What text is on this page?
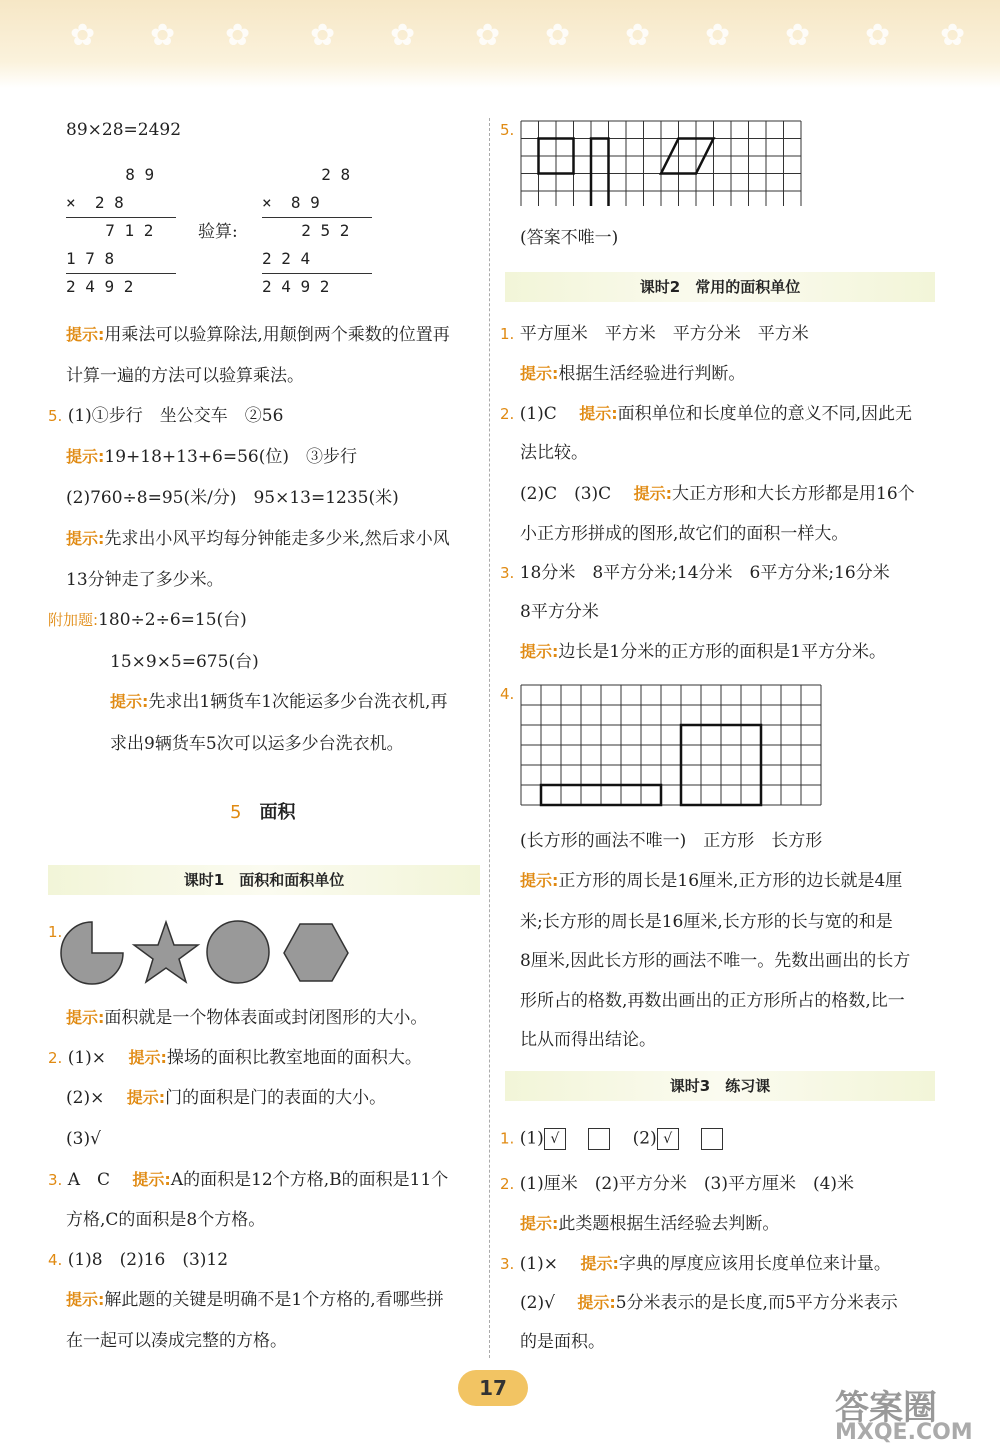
✿ ✿ ✿ ✿ ✿ ✿ ✿ ✿ ✿ ✿ ✿ ✿
89×28=2492
8 9
×  2 8
7 1 2
1 7 8
2 4 9 2
验算:
2 8
×  8 9
2 5 2
2 2 4
2 4 9 2
提示:用乘法可以验算除法,用颠倒两个乘数的位置再
计算一遍的方法可以验算乘法。
5. (1)①步行　坐公交车　②56
提示:19+18+13+6=56(位)　③步行
(2)760÷8=95(米/分)　95×13=1235(米)
提示:先求出小风平均每分钟能走多少米,然后求小风
13分钟走了多少米。
附加题:180÷2÷6=15(台)
15×9×5=675(台)
提示:先求出1辆货车1次能运多少台洗衣机,再
求出9辆货车5次可以运多少台洗衣机。
5　 面积
课时1　面积和面积单位
1.
提示:面积就是一个物体表面或封闭图形的大小。
2. (1)×　 提示:操场的面积比教室地面的面积大。
(2)×　 提示:门的面积是门的表面的大小。
(3)√
3. A　C　 提示:A的面积是12个方格,B的面积是11个
方格,C的面积是8个方格。
4. (1)8　(2)16　(3)12
提示:解此题的关键是明确不是1个方格的,看哪些拼
在一起可以凑成完整的方格。
5.
(答案不唯一)
课时2　常用的面积单位
1. 平方厘米　平方米　平方分米　平方米
提示:根据生活经验进行判断。
2. (1)C　 提示:面积单位和长度单位的意义不同,因此无
法比较。
(2)C　(3)C　 提示:大正方形和大长方形都是用16个
小正方形拼成的图形,故它们的面积一样大。
3. 18分米　8平方分米;14分米　6平方分米;16分米
8平方分米
提示:边长是1分米的正方形的面积是1平方分米。
4.
(长方形的画法不唯一)　正方形　长方形
提示:正方形的周长是16厘米,正方形的边长就是4厘
米;长方形的周长是16厘米,长方形的长与宽的和是
8厘米,因此长方形的画法不唯一。先数出画出的长方
形所占的格数,再数出画出的正方形所占的格数,比一
比从而得出结论。
课时3　练习课
1. (1) √ 　 　	(2) √ 　
2. (1)厘米　(2)平方分米　(3)平方厘米　(4)米
提示:此类题根据生活经验去判断。
3. (1)×　 提示:字典的厚度应该用长度单位来计量。
(2)√　 提示:5分米表示的是长度,而5平方分米表示
的是面积。
17	答案圈
MXQE.COM
